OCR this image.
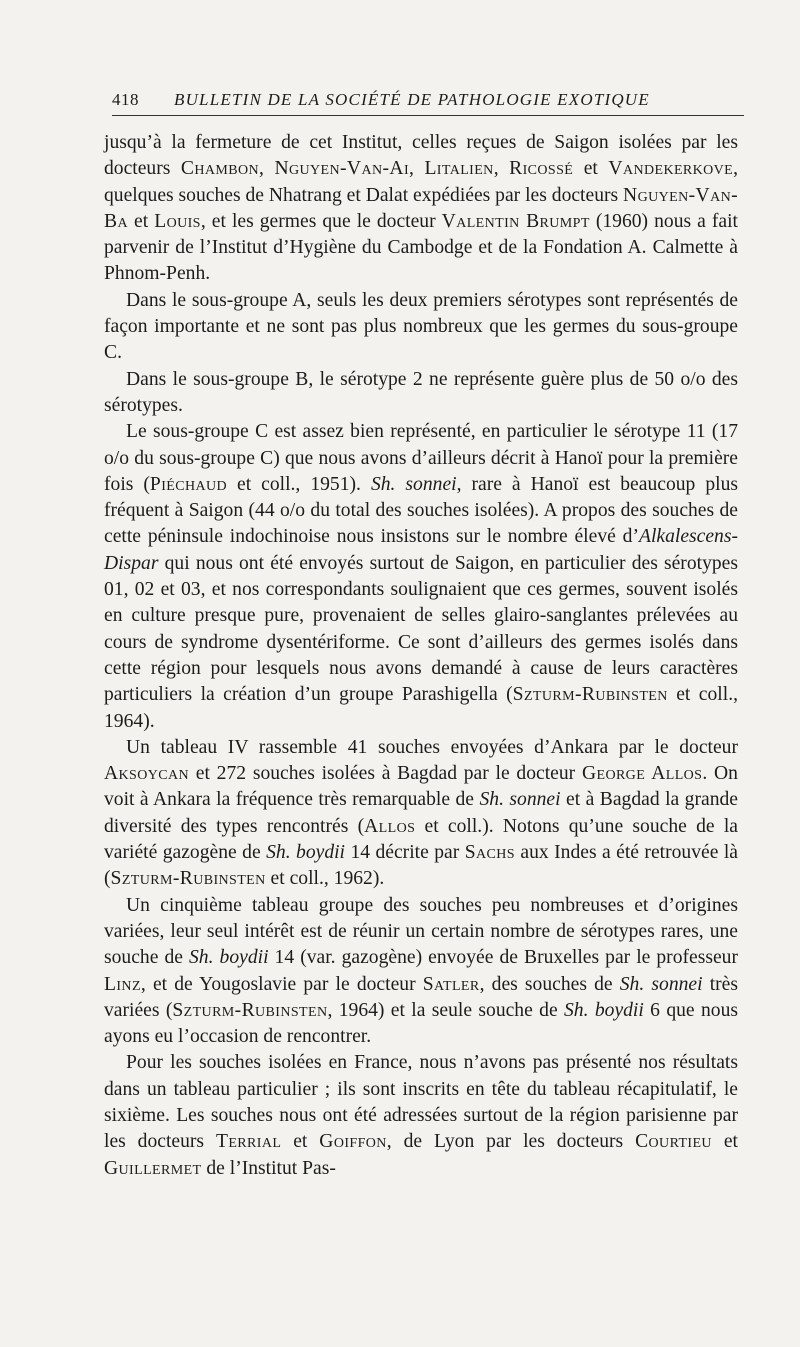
418 BULLETIN DE LA SOCIÉTÉ DE PATHOLOGIE EXOTIQUE

jusqu’à la fermeture de cet Institut, celles reçues de Saigon isolées par les docteurs Chambon, Nguyen-Van-Ai, Litalien, Ricossé et Vandekerkove, quelques souches de Nhatrang et Dalat expédiées par les docteurs Nguyen-Van-Ba et Louis, et les germes que le docteur Valentin Brumpt (1960) nous a fait parvenir de l’Institut d’Hygiène du Cambodge et de la Fondation A. Calmette à Phnom-Penh.

Dans le sous-groupe A, seuls les deux premiers sérotypes sont représentés de façon importante et ne sont pas plus nombreux que les germes du sous-groupe C.

Dans le sous-groupe B, le sérotype 2 ne représente guère plus de 50 o/o des sérotypes.

Le sous-groupe C est assez bien représenté, en particulier le sérotype 11 (17 o/o du sous-groupe C) que nous avons d’ailleurs décrit à Hanoï pour la première fois (Piéchaud et coll., 1951). Sh. sonnei, rare à Hanoï est beaucoup plus fréquent à Saigon (44 o/o du total des souches isolées). A propos des souches de cette péninsule indochinoise nous insistons sur le nombre élevé d’Alkalescens-Dispar qui nous ont été envoyés surtout de Saigon, en particulier des sérotypes 01, 02 et 03, et nos correspondants soulignaient que ces germes, souvent isolés en culture presque pure, provenaient de selles glairo-sanglantes prélevées au cours de syndrome dysentériforme. Ce sont d’ailleurs des germes isolés dans cette région pour lesquels nous avons demandé à cause de leurs caractères particuliers la création d’un groupe Parashigella (Szturm-Rubinsten et coll., 1964).

Un tableau IV rassemble 41 souches envoyées d’Ankara par le docteur Aksoycan et 272 souches isolées à Bagdad par le docteur George Allos. On voit à Ankara la fréquence très remarquable de Sh. sonnei et à Bagdad la grande diversité des types rencontrés (Allos et coll.). Notons qu’une souche de la variété gazogène de Sh. boydii 14 décrite par Sachs aux Indes a été retrouvée là (Szturm-Rubinsten et coll., 1962).

Un cinquième tableau groupe des souches peu nombreuses et d’origines variées, leur seul intérêt est de réunir un certain nombre de sérotypes rares, une souche de Sh. boydii 14 (var. gazogène) envoyée de Bruxelles par le professeur Linz, et de Yougoslavie par le docteur Satler, des souches de Sh. sonnei très variées (Szturm-Rubinsten, 1964) et la seule souche de Sh. boydii 6 que nous ayons eu l’occasion de rencontrer.

Pour les souches isolées en France, nous n’avons pas présenté nos résultats dans un tableau particulier ; ils sont inscrits en tête du tableau récapitulatif, le sixième. Les souches nous ont été adressées surtout de la région parisienne par les docteurs Terrial et Goiffon, de Lyon par les docteurs Courtieu et Guillermet de l’Institut Pas-
